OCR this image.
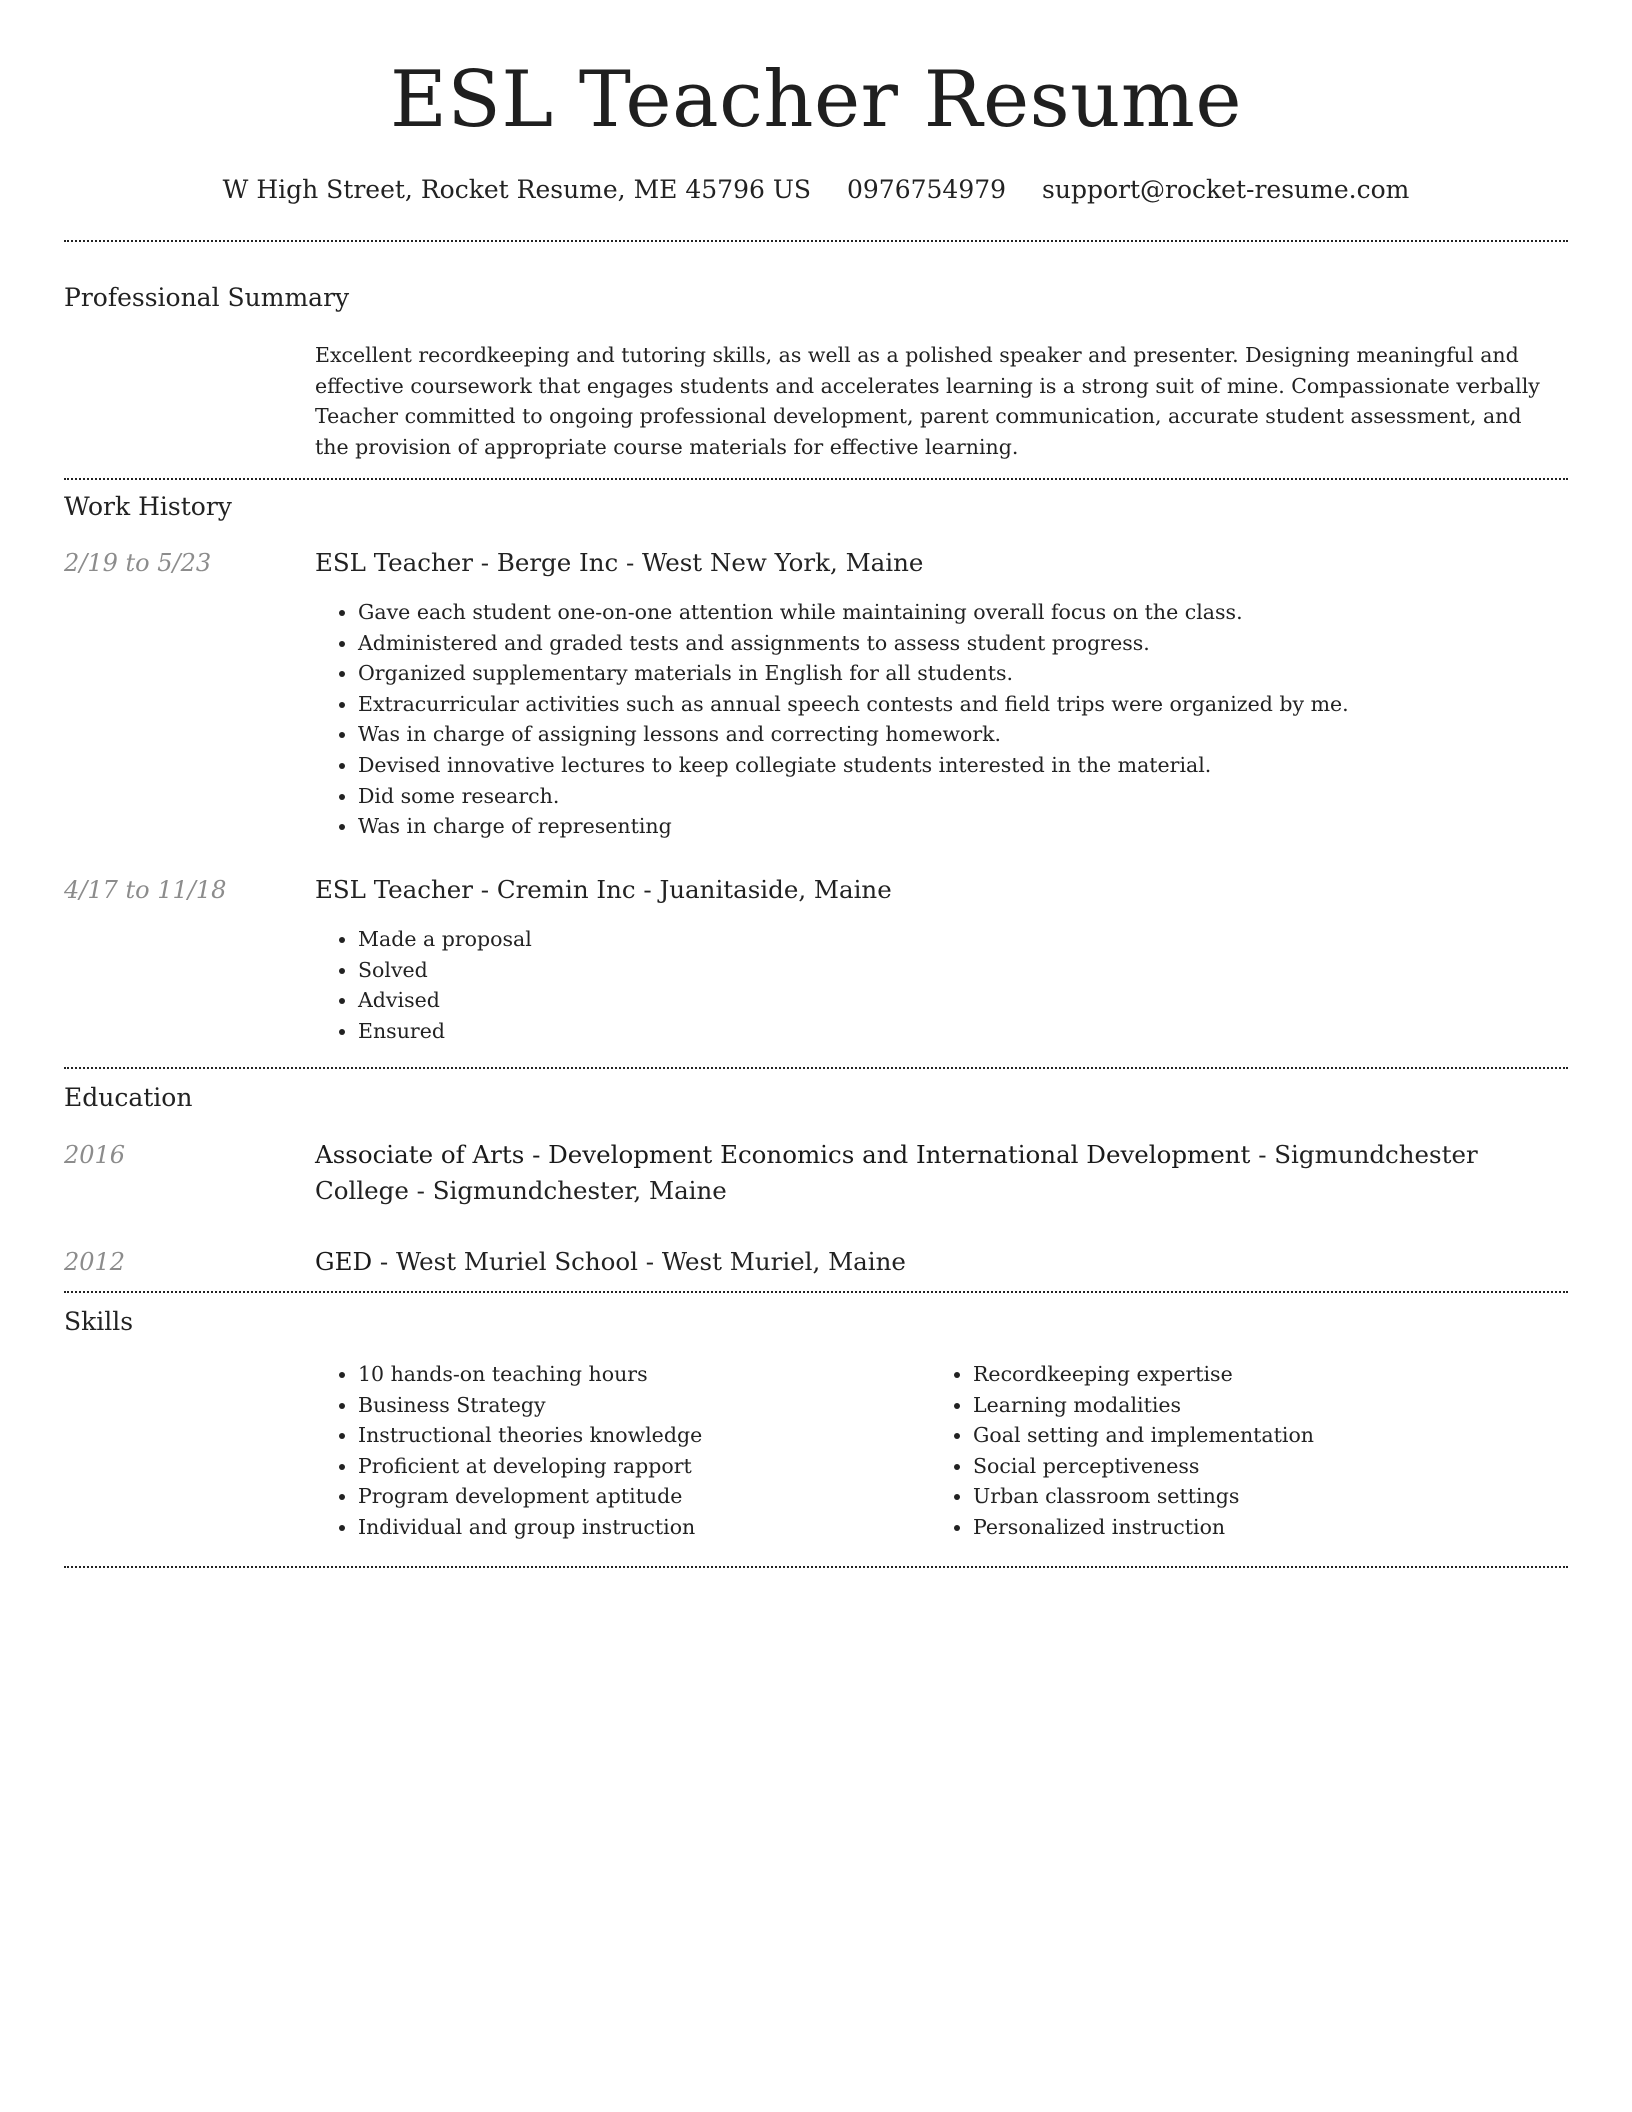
ESL Teacher Resume
W High Street, Rocket Resume, ME 45796 US 0976754979 support@rocket-resume.com
Professional Summary
Excellent recordkeeping and tutoring skills, as well as a polished speaker and presenter. Designing meaningful and effective coursework that engages students and accelerates learning is a strong suit of mine. Compassionate verbally Teacher committed to ongoing professional development, parent communication, accurate student assessment, and the provision of appropriate course materials for effective learning.
Work History
2/19 to 5/23	ESL Teacher - Berge Inc - West New York, Maine
• Gave each student one-on-one attention while maintaining overall focus on the class.
• Administered and graded tests and assignments to assess student progress.
• Organized supplementary materials in English for all students.
• Extracurricular activities such as annual speech contests and field trips were organized by me.
• Was in charge of assigning lessons and correcting homework.
• Devised innovative lectures to keep collegiate students interested in the material.
• Did some research.
• Was in charge of representing
4/17 to 11/18	ESL Teacher - Cremin Inc - Juanitaside, Maine
• Made a proposal
• Solved
• Advised
• Ensured
Education
2016	Associate of Arts - Development Economics and International Development - Sigmundchester College - Sigmundchester, Maine
2012	GED - West Muriel School - West Muriel, Maine
Skills
• 10 hands-on teaching hours
• Business Strategy
• Instructional theories knowledge
• Proficient at developing rapport
• Program development aptitude
• Individual and group instruction
• Recordkeeping expertise
• Learning modalities
• Goal setting and implementation
• Social perceptiveness
• Urban classroom settings
• Personalized instruction
